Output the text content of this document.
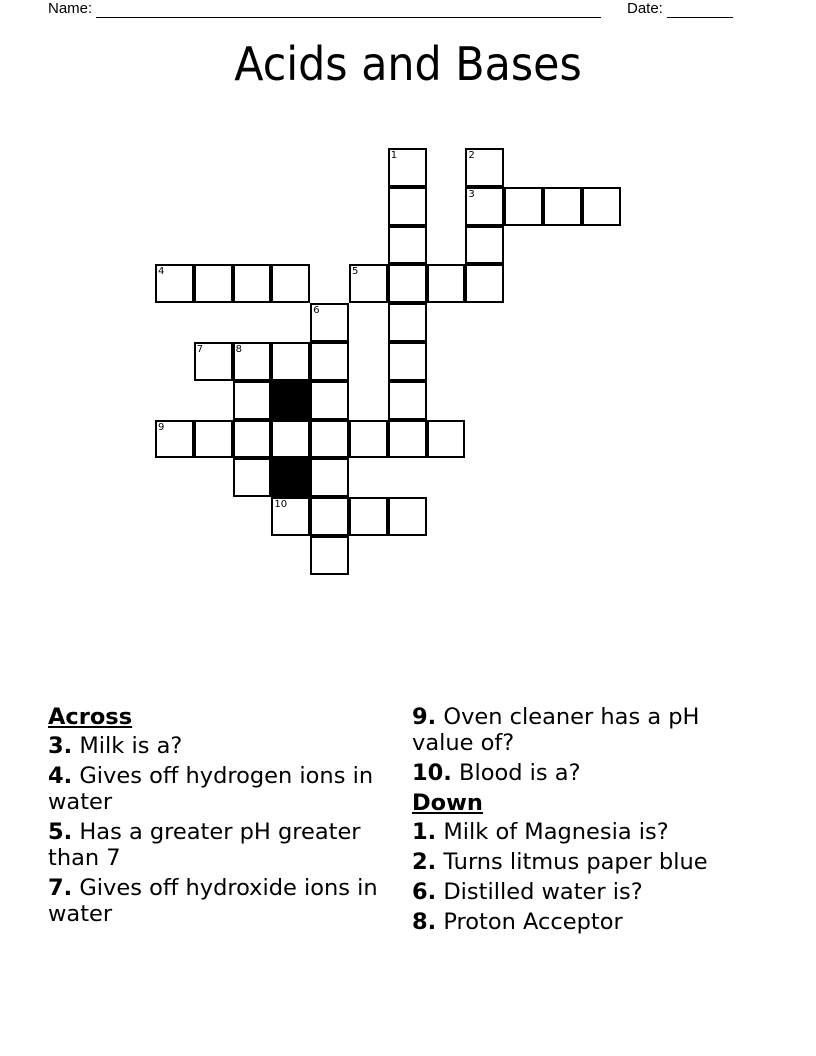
Name:	Date:
Acids and Bases
1	2
3
4	5
6
7	8
9
10
Across
3. Milk is a?
4. Gives off hydrogen ions in water
5. Has a greater pH greater than 7
7. Gives off hydroxide ions in water
9. Oven cleaner has a pH value of?
10. Blood is a?
Down
1. Milk of Magnesia is?
2. Turns litmus paper blue
6. Distilled water is?
8. Proton Acceptor
